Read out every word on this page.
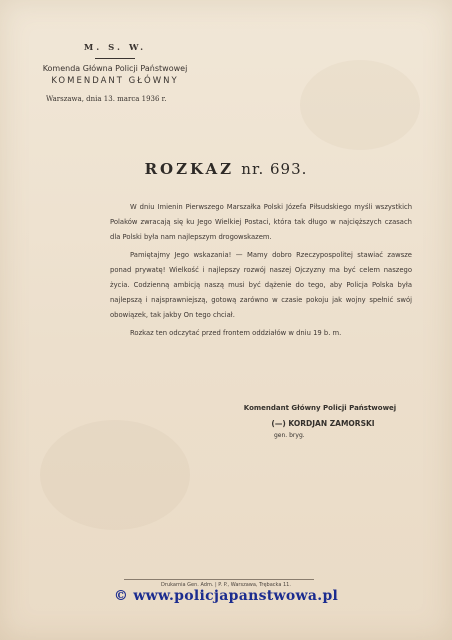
M. S. W.
Komenda Główna Policji Państwowej
KOMENDANT GŁÓWNY
Warszawa, dnia 13. marca 1936 r.
ROZKAZ nr. 693.

W dniu Imienin Pierwszego Marszałka Polski Józefa Piłsudskiego myśli wszystkich Polaków zwracają się ku Jego Wielkiej Postaci, która tak długo w najcięższych czasach dla Polski była nam najlepszym drogowskazem.

Pamiętajmy Jego wskazania! — Mamy dobro Rzeczypospolitej stawiać zawsze ponad prywatę! Wielkość i najlepszy rozwój naszej Ojczyzny ma być celem naszego życia. Codzienną ambicją naszą musi być dążenie do tego, aby Policja Polska była najlepszą i najsprawniejszą, gotową zarówno w czasie pokoju jak wojny spełnić swój obowiązek, tak jakby On tego chciał.

Rozkaz ten odczytać przed frontem oddziałów w dniu 19 b. m.

Komendant Główny Policji Państwowej
(—) KORDJAN ZAMORSKI
gen. bryg.
Drukarnia Gen. Adm. | P. P., Warszawa, Trębacka 11.
© www.policjapanstwowa.pl
